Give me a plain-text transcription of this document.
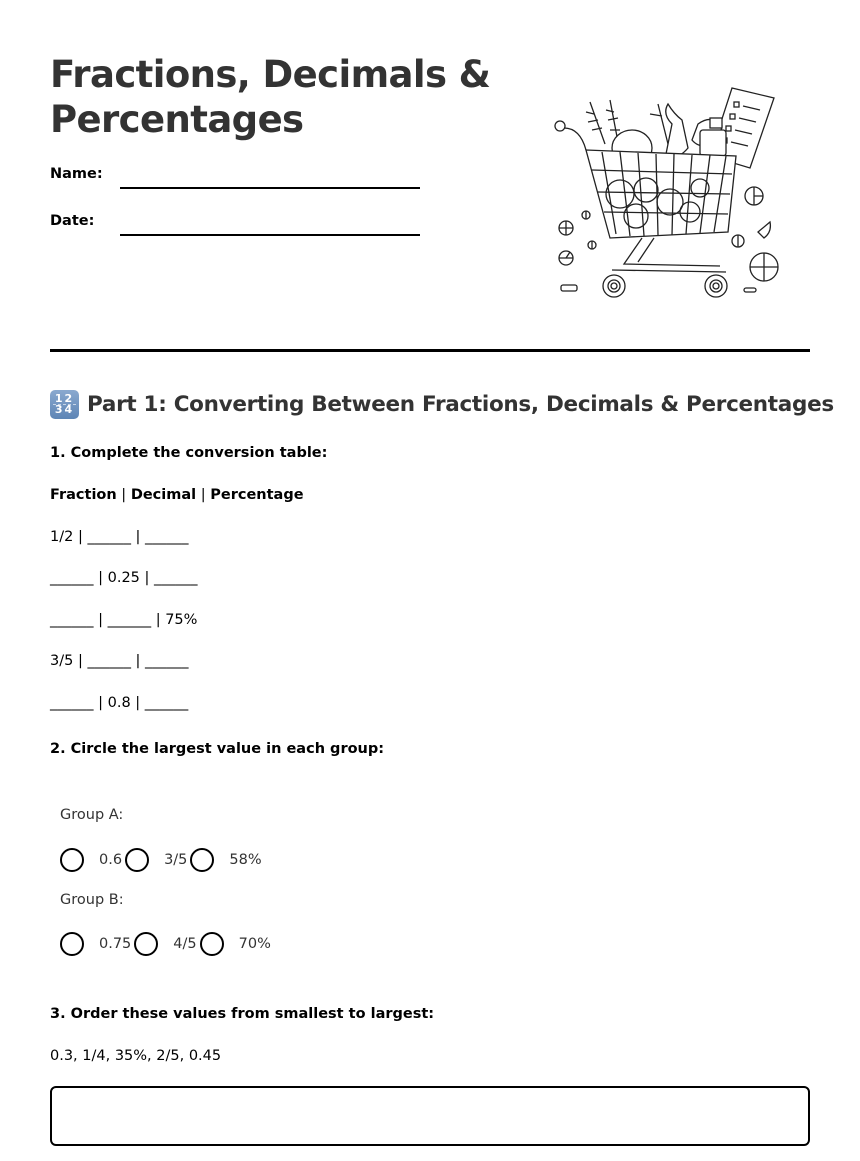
Fractions, Decimals & Percentages
Name:
Date:
12
34 Part 1: Converting Between Fractions, Decimals & Percentages
1. Complete the conversion table:
Fraction | Decimal | Percentage
1/2 | ______ | ______
______ | 0.25 | ______
______ | ______ | 75%
3/5 | ______ | ______
______ | 0.8 | ______
2. Circle the largest value in each group:
Group A:
0.6	3/5	58%
Group B:
0.75	4/5	70%
3. Order these values from smallest to largest:
0.3, 1/4, 35%, 2/5, 0.45
